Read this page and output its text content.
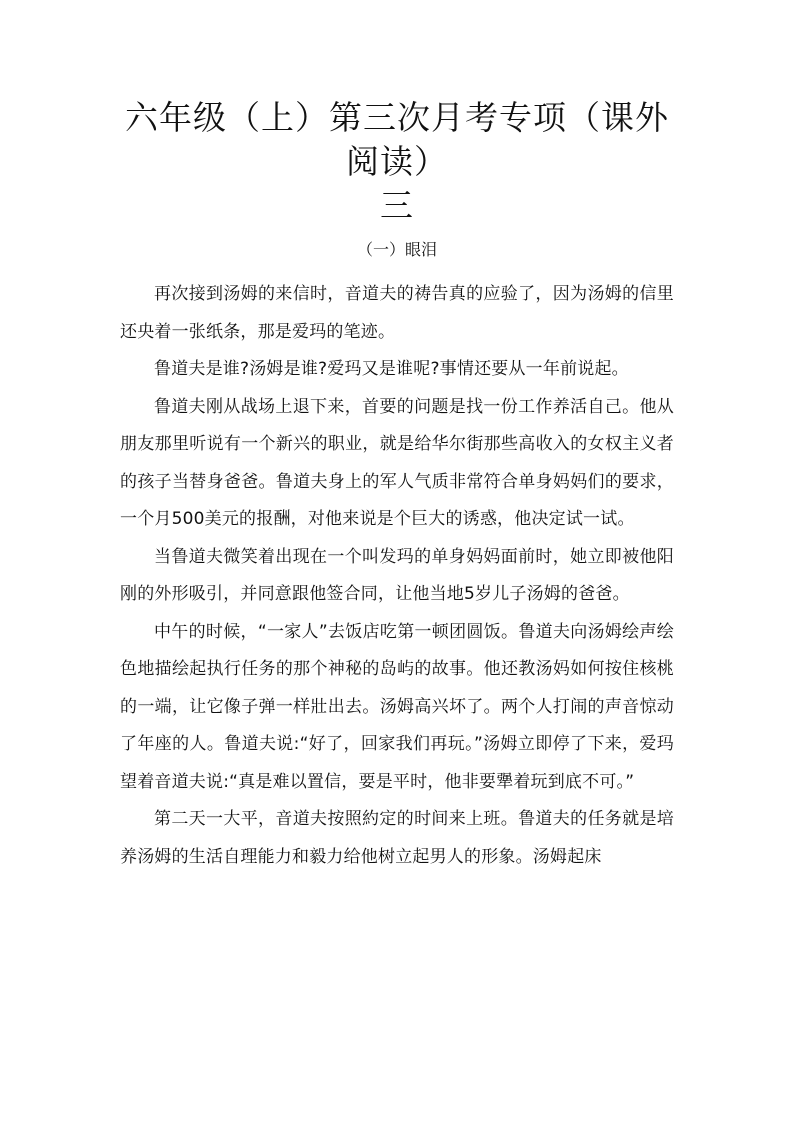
六年级（上）第三次月考专项（课外阅读）
三
（一）眼泪

再次接到汤姆的来信时，音道夫的祷告真的应验了，因为汤姆的信里还央着一张纸条，那是爱玛的笔迹。

鲁道夫是谁?汤姆是谁?爱玛又是谁呢?事情还要从一年前说起。

鲁道夫刚从战场上退下来，首要的问题是找一份工作养活自己。他从朋友那里听说有一个新兴的职业，就是给华尔街那些高收入的女权主义者的孩子当替身爸爸。鲁道夫身上的军人气质非常符合单身妈妈们的要求，一个月500美元的报酬，对他来说是个巨大的诱惑，他决定试一试。

当鲁道夫微笑着出现在一个叫发玛的单身妈妈面前时，她立即被他阳刚的外形吸引，并同意跟他签合同，让他当地5岁儿子汤姆的爸爸。

中午的时候，“一家人”去饭店吃第一顿团圆饭。鲁道夫向汤姆绘声绘色地描绘起执行任务的那个神秘的岛屿的故事。他还教汤妈如何按住核桃的一端，让它像子弹一样壯出去。汤姆高兴坏了。两个人打闹的声音惊动了年座的人。鲁道夫说:“好了，回家我们再玩。”汤姆立即停了下来，爱玛望着音道夫说:“真是难以置信，要是平时，他非要犟着玩到底不可。”

第二天一大平，音道夫按照約定的时间来上班。鲁道夫的任务就是培养汤姆的生活自理能力和毅力给他树立起男人的形象。汤姆起床
